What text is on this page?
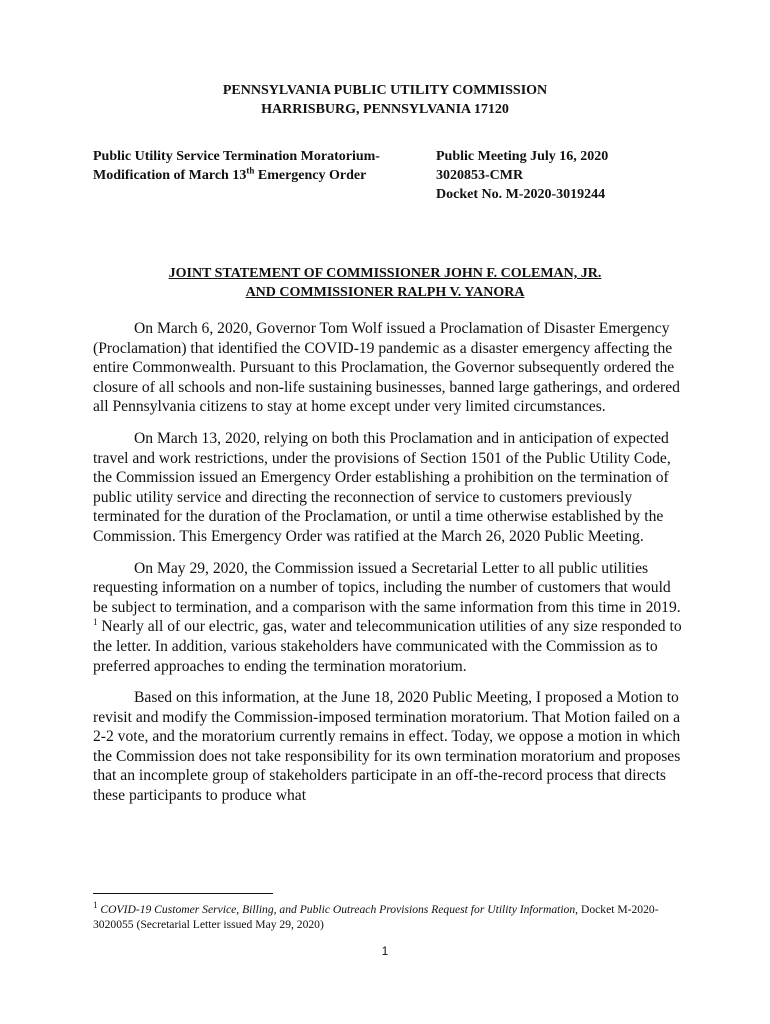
PENNSYLVANIA PUBLIC UTILITY COMMISSION
HARRISBURG, PENNSYLVANIA 17120
Public Utility Service Termination Moratorium-
Modification of March 13th Emergency Order
Public Meeting July 16, 2020
3020853-CMR
Docket No. M-2020-3019244
JOINT STATEMENT OF COMMISSIONER JOHN F. COLEMAN, JR.
AND COMMISSIONER RALPH V. YANORA

On March 6, 2020, Governor Tom Wolf issued a Proclamation of Disaster Emergency (Proclamation) that identified the COVID-19 pandemic as a disaster emergency affecting the entire Commonwealth. Pursuant to this Proclamation, the Governor subsequently ordered the closure of all schools and non-life sustaining businesses, banned large gatherings, and ordered all Pennsylvania citizens to stay at home except under very limited circumstances.

On March 13, 2020, relying on both this Proclamation and in anticipation of expected travel and work restrictions, under the provisions of Section 1501 of the Public Utility Code, the Commission issued an Emergency Order establishing a prohibition on the termination of public utility service and directing the reconnection of service to customers previously terminated for the duration of the Proclamation, or until a time otherwise established by the Commission. This Emergency Order was ratified at the March 26, 2020 Public Meeting.

On May 29, 2020, the Commission issued a Secretarial Letter to all public utilities requesting information on a number of topics, including the number of customers that would be subject to termination, and a comparison with the same information from this time in 2019. $^1$ Nearly all of our electric, gas, water and telecommunication utilities of any size responded to the letter. In addition, various stakeholders have communicated with the Commission as to preferred approaches to ending the termination moratorium.

Based on this information, at the June 18, 2020 Public Meeting, I proposed a Motion to revisit and modify the Commission-imposed termination moratorium. That Motion failed on a 2-2 vote, and the moratorium currently remains in effect. Today, we oppose a motion in which the Commission does not take responsibility for its own termination moratorium and proposes that an incomplete group of stakeholders participate in an off-the-record process that directs these participants to produce what

$^1$ COVID-19 Customer Service, Billing, and Public Outreach Provisions Request for Utility Information, Docket M-2020-3020055 (Secretarial Letter issued May 29, 2020)
1
